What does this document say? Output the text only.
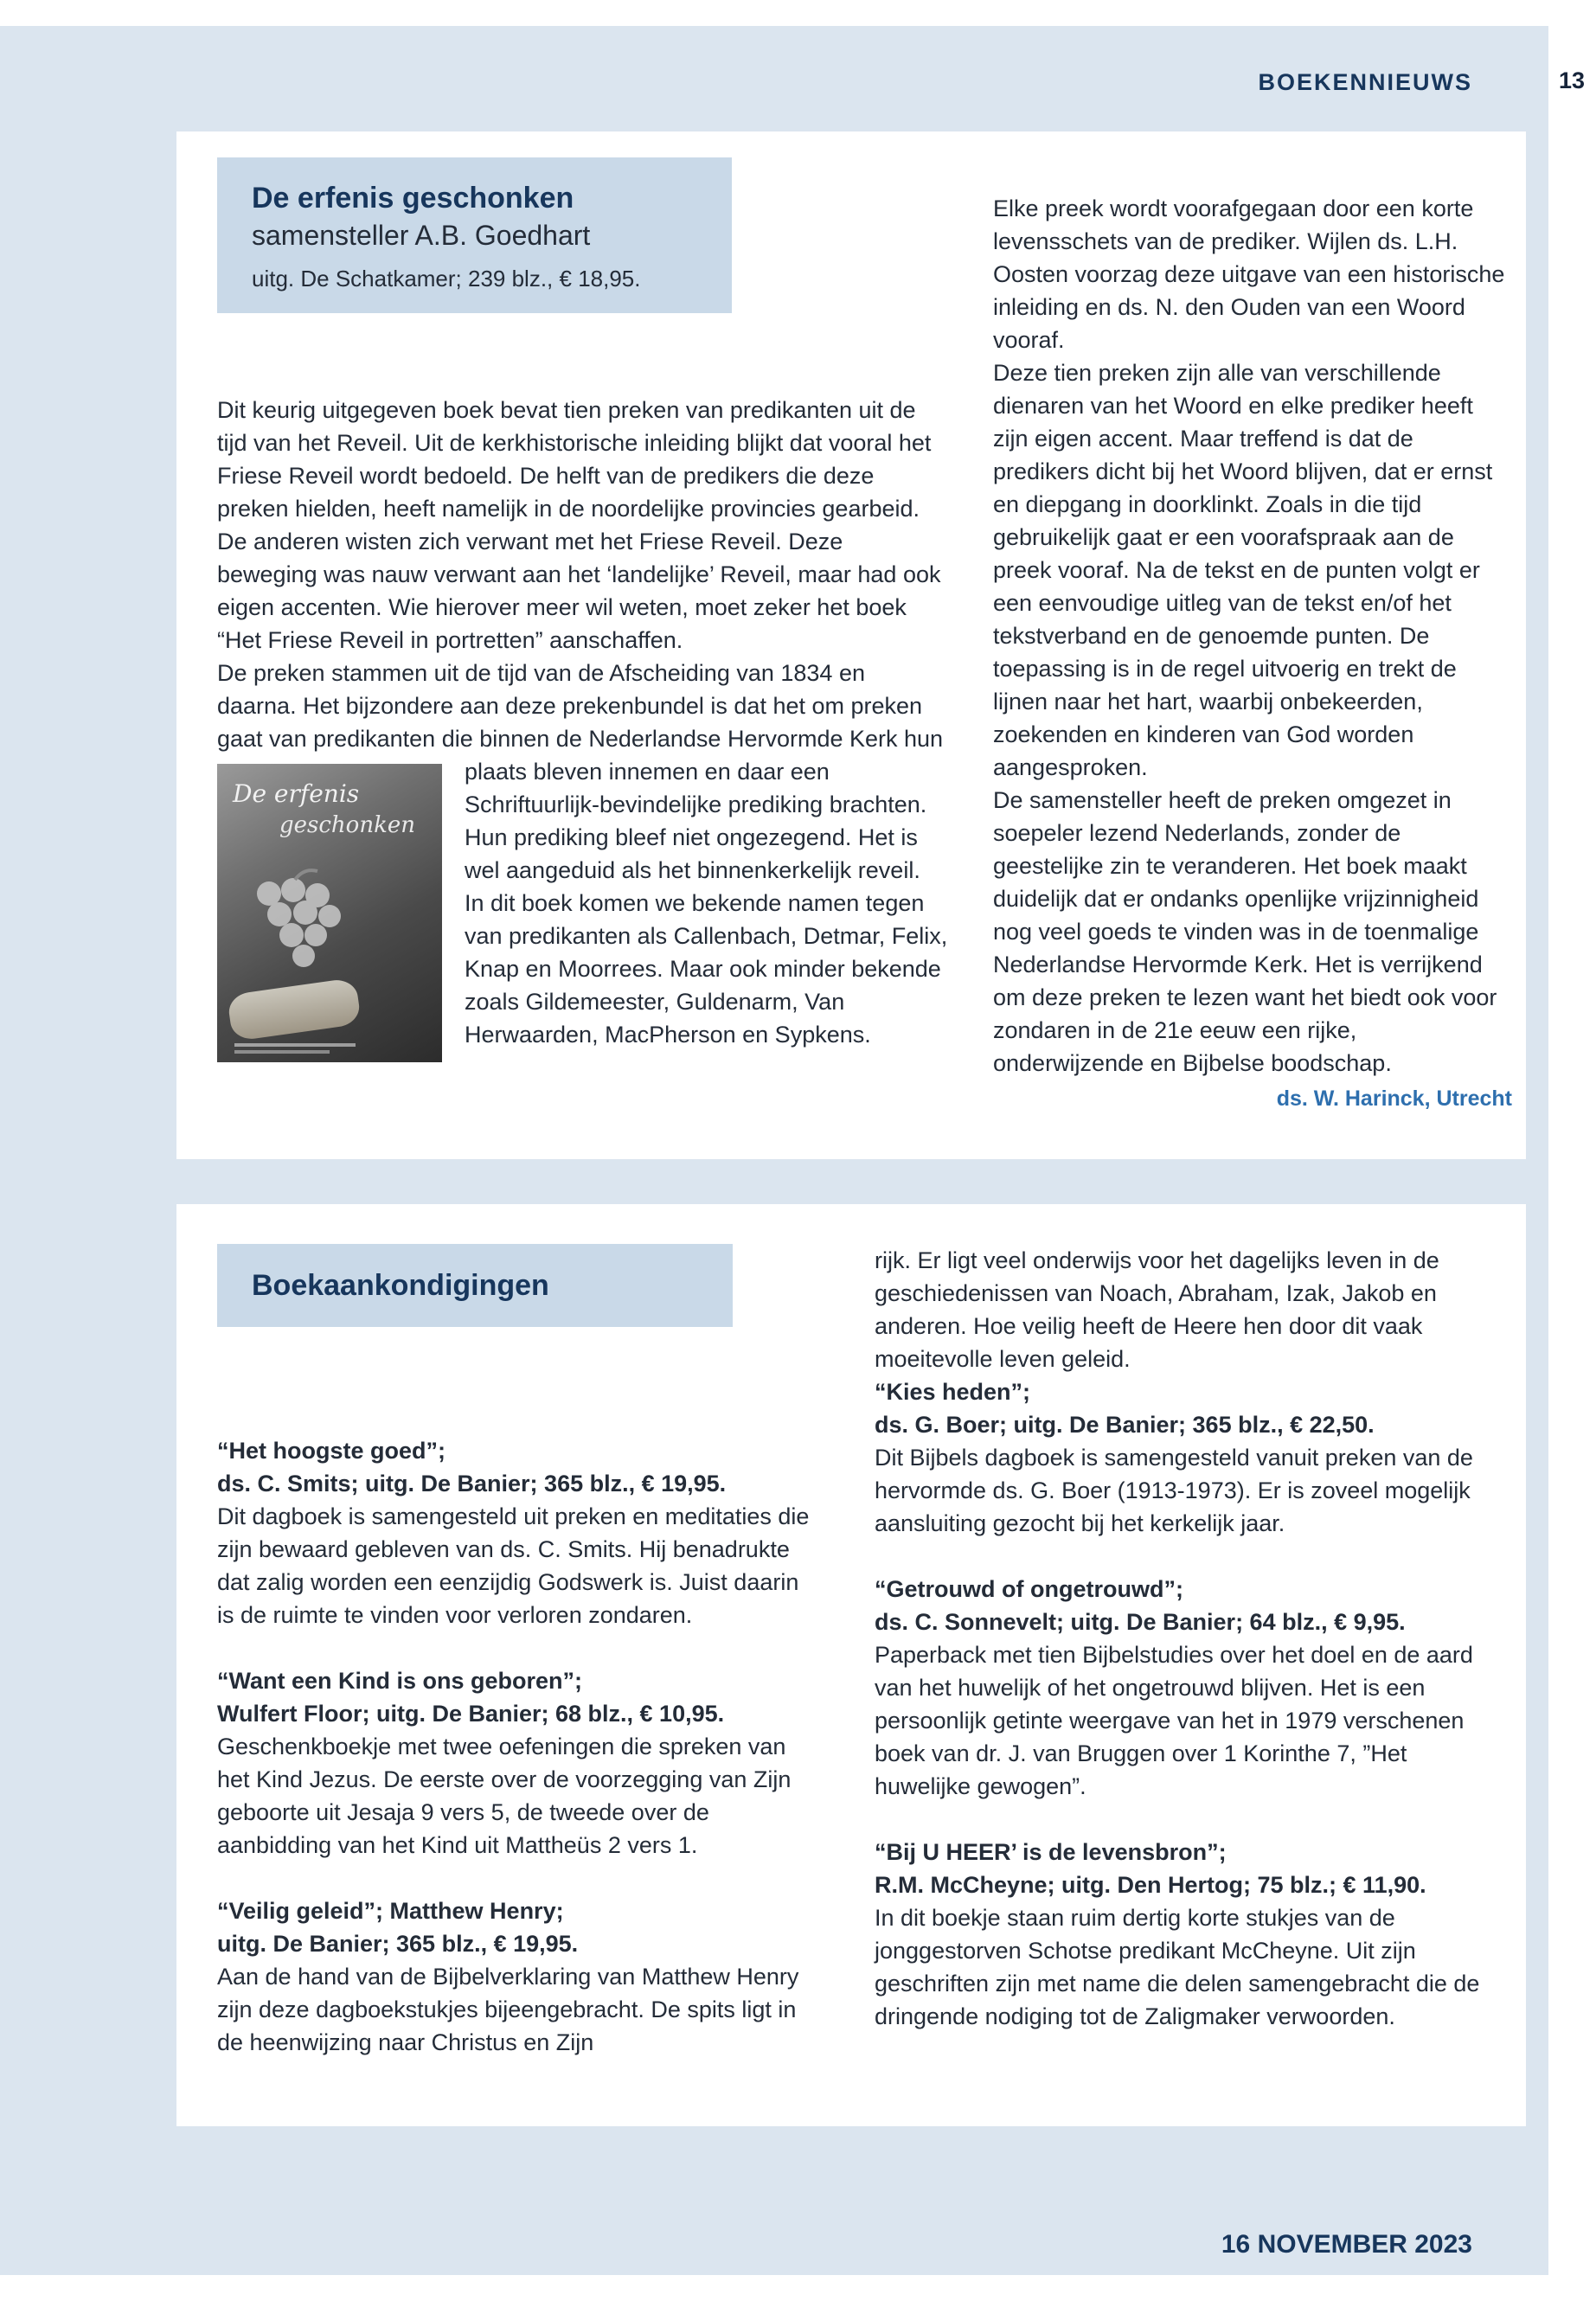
BOEKENNIEUWS
De erfenis geschonken
samensteller A.B. Goedhart
uitg. De Schatkamer; 239 blz., € 18,95.

Dit keurig uitgegeven boek bevat tien preken van predikanten uit de tijd van het Reveil. Uit de kerkhistorische inleiding blijkt dat vooral het Friese Reveil wordt bedoeld. De helft van de predikers die deze preken hielden, heeft namelijk in de noordelijke provincies gearbeid. De anderen wisten zich verwant met het Friese Reveil. Deze beweging was nauw verwant aan het ‘landelijke’ Reveil, maar had ook eigen accenten. Wie hierover meer wil weten, moet zeker het boek “Het Friese Reveil in portretten” aanschaffen.

De preken stammen uit de tijd van de Afscheiding van 1834 en daarna. Het bijzondere aan deze prekenbundel is dat het om preken gaat van predikanten die binnen de Nederlandse Hervormde Kerk hun plaats bleven innemen en daar een
De erfenis
geschonken
Schriftuurlijk-bevindelijke prediking brachten. Hun prediking bleef niet ongezegend. Het is wel aangeduid als het binnenkerkelijk reveil.

In dit boek komen we bekende namen tegen van predikanten als Callenbach, Detmar, Felix, Knap en Moorrees. Maar ook minder bekende zoals Gildemeester, Guldenarm, Van Herwaarden, MacPherson en Sypkens.

Elke preek wordt voorafgegaan door een korte levensschets van de prediker. Wijlen ds. L.H. Oosten voorzag deze uitgave van een historische inleiding en ds. N. den Ouden van een Woord vooraf.

Deze tien preken zijn alle van verschillende dienaren van het Woord en elke prediker heeft zijn eigen accent. Maar treffend is dat de predikers dicht bij het Woord blijven, dat er ernst en diepgang in doorklinkt. Zoals in die tijd gebruikelijk gaat er een voorafspraak aan de preek vooraf. Na de tekst en de punten volgt er een eenvoudige uitleg van de tekst en/of het tekstverband en de genoemde punten. De toepassing is in de regel uitvoerig en trekt de lijnen naar het hart, waarbij onbekeerden, zoekenden en kinderen van God worden aangesproken.

De samensteller heeft de preken omgezet in soepeler lezend Nederlands, zonder de geestelijke zin te veranderen. Het boek maakt duidelijk dat er ondanks openlijke vrijzinnigheid nog veel goeds te vinden was in de toenmalige Nederlandse Hervormde Kerk. Het is verrijkend om deze preken te lezen want het biedt ook voor zondaren in de 21e eeuw een rijke, onderwijzende en Bijbelse boodschap.

ds. W. Harinck, Utrecht
Boekaankondigingen

“Het hoogste goed”;

ds. C. Smits; uitg. De Banier; 365 blz., € 19,95.

Dit dagboek is samengesteld uit preken en meditaties die zijn bewaard gebleven van ds. C. Smits. Hij benadrukte dat zalig worden een eenzijdig Godswerk is. Juist daarin is de ruimte te vinden voor verloren zondaren.

“Want een Kind is ons geboren”;

Wulfert Floor; uitg. De Banier; 68 blz., € 10,95.

Geschenkboekje met twee oefeningen die spreken van het Kind Jezus. De eerste over de voorzegging van Zijn geboorte uit Jesaja 9 vers 5, de tweede over de aanbidding van het Kind uit Mattheüs 2 vers 1.

“Veilig geleid”; Matthew Henry;

uitg. De Banier; 365 blz., € 19,95.

Aan de hand van de Bijbelverklaring van Matthew Henry zijn deze dagboekstukjes bijeengebracht. De spits ligt in de heenwijzing naar Christus en Zijn

rijk. Er ligt veel onderwijs voor het dagelijks leven in de geschiedenissen van Noach, Abraham, Izak, Jakob en anderen. Hoe veilig heeft de Heere hen door dit vaak moeitevolle leven geleid.

“Kies heden”;

ds. G. Boer; uitg. De Banier; 365 blz., € 22,50.

Dit Bijbels dagboek is samengesteld vanuit preken van de hervormde ds. G. Boer (1913-1973). Er is zoveel mogelijk aansluiting gezocht bij het kerkelijk jaar.

“Getrouwd of ongetrouwd”;

ds. C. Sonnevelt; uitg. De Banier; 64 blz., € 9,95.

Paperback met tien Bijbelstudies over het doel en de aard van het huwelijk of het ongetrouwd blijven. Het is een persoonlijk getinte weergave van het in 1979 verschenen boek van dr. J. van Bruggen over 1 Korinthe 7, ”Het huwelijke gewogen”.

“Bij U HEER’ is de levensbron”;

R.M. McCheyne; uitg. Den Hertog; 75 blz.; € 11,90.

In dit boekje staan ruim dertig korte stukjes van de jonggestorven Schotse predikant McCheyne. Uit zijn geschriften zijn met name die delen samengebracht die de dringende nodiging tot de Zaligmaker verwoorden.

16 NOVEMBER 2023
13
